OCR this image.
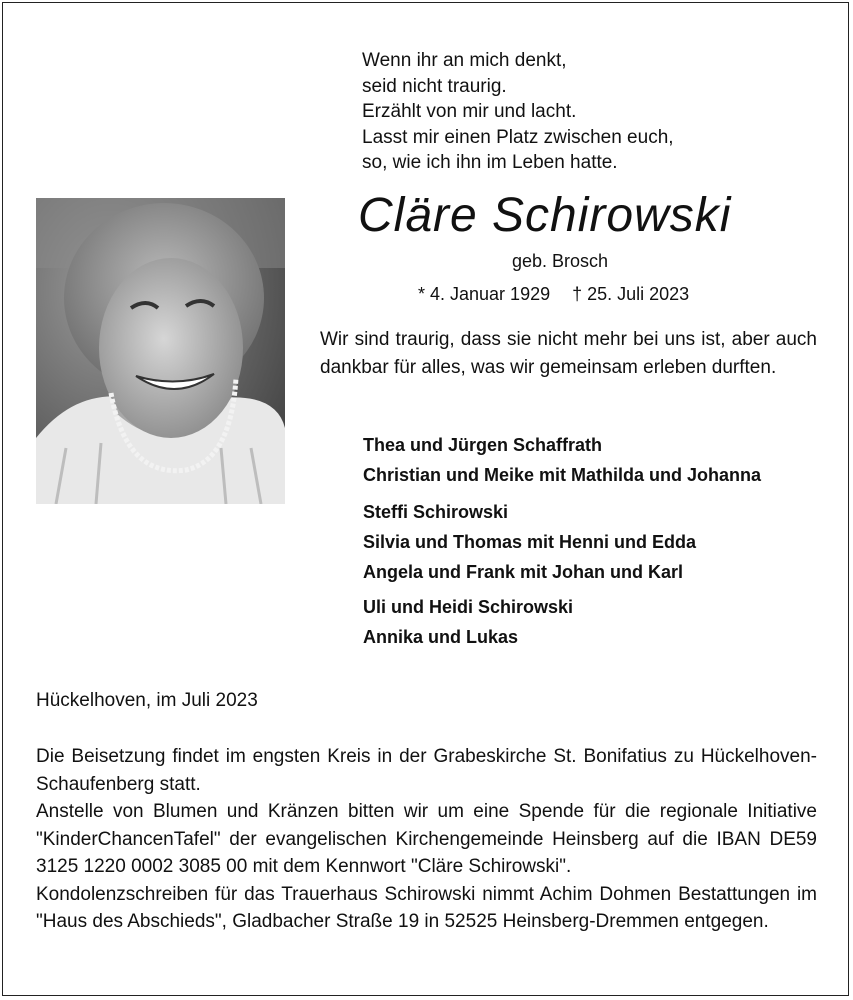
Wenn ihr an mich denkt,
seid nicht traurig.
Erzählt von mir und lacht.
Lasst mir einen Platz zwischen euch,
so, wie ich ihn im Leben hatte.
Cläre Schirowski
geb. Brosch
* 4. Januar 1929 † 25. Juli 2023
Wir sind traurig, dass sie nicht mehr bei uns ist, aber auch dankbar für alles, was wir gemeinsam erleben durften.
Thea und Jürgen Schaffrath
Christian und Meike mit Mathilda und Johanna
Steffi Schirowski
Silvia und Thomas mit Henni und Edda
Angela und Frank mit Johan und Karl
Uli und Heidi Schirowski
Annika und Lukas
Hückelhoven, im Juli 2023

Die Beisetzung findet im engsten Kreis in der Grabeskirche St. Bonifatius zu Hückelhoven-Schaufenberg statt.

Anstelle von Blumen und Kränzen bitten wir um eine Spende für die regionale Initiative "KinderChancenTafel" der evangelischen Kirchengemeinde Heinsberg auf die IBAN DE59 3125 1220 0002 3085 00 mit dem Kennwort "Cläre Schirowski".

Kondolenzschreiben für das Trauerhaus Schirowski nimmt Achim Dohmen Bestattungen im "Haus des Abschieds", Gladbacher Straße 19 in 52525 Heinsberg-Dremmen entgegen.
